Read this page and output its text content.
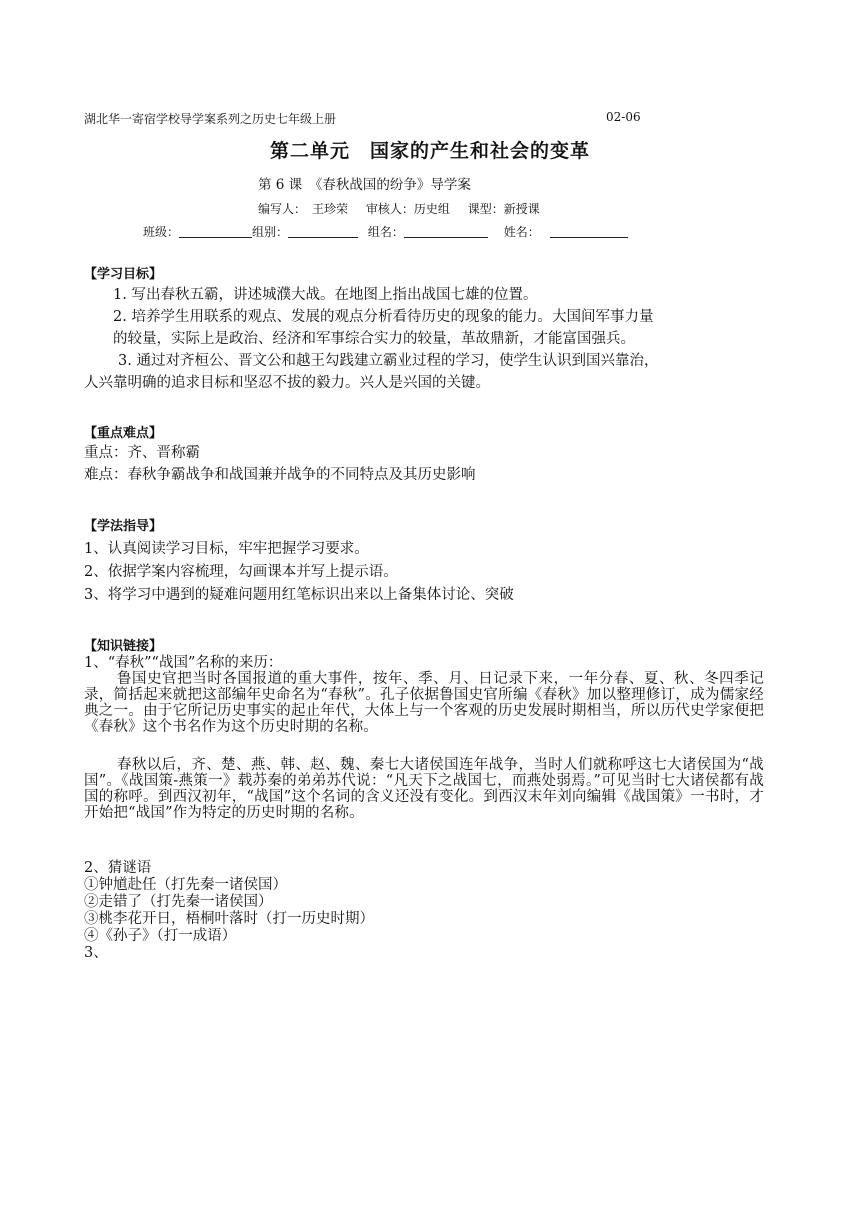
湖北华一寄宿学校导学案系列之历史七年级上册	02-06
第二单元　国家的产生和社会的变革
第 6 课　《春秋战国的纷争》导学案
编写人：　王珍荣 审核人：历史组 课型：新授课
班级：	组别：	组名：	姓名：
【学习目标】
1. 写出春秋五霸，讲述城濮大战。在地图上指出战国七雄的位置。
2. 培养学生用联系的观点、发展的观点分析看待历史的现象的能力。大国间军事力量
的较量，实际上是政治、经济和军事综合实力的较量，革故鼎新，才能富国强兵。
3. 通过对齐桓公、晋文公和越王勾践建立霸业过程的学习，使学生认识到国兴靠治，
人兴靠明确的追求目标和坚忍不拔的毅力。兴人是兴国的关键。
【重点难点】
重点：齐、晋称霸
难点：春秋争霸战争和战国兼并战争的不同特点及其历史影响
【学法指导】
1、认真阅读学习目标，牢牢把握学习要求。
2、依据学案内容梳理，勾画课本并写上提示语。
3、将学习中遇到的疑难问题用红笔标识出来以上备集体讨论、突破
【知识链接】
1、“春秋”“战国”名称的来历：
鲁国史官把当时各国报道的重大事件，按年、季、月、日记录下来，一年分春、夏、秋、冬四季记录，简括起来就把这部编年史命名为“春秋”。孔子依据鲁国史官所编《春秋》加以整理修订，成为儒家经典之一。由于它所记历史事实的起止年代，大体上与一个客观的历史发展时期相当，所以历代史学家便把《春秋》这个书名作为这个历史时期的名称。
春秋以后，齐、楚、燕、韩、赵、魏、秦七大诸侯国连年战争，当时人们就称呼这七大诸侯国为“战国”。《战国策-燕策一》载苏秦的弟弟苏代说：“凡天下之战国七，而燕处弱焉。”可见当时七大诸侯都有战国的称呼。到西汉初年，“战国”这个名词的含义还没有变化。到西汉末年刘向编辑《战国策》一书时，才开始把“战国”作为特定的历史时期的名称。
2、猜谜语
①钟馗赴任（打先秦一诸侯国）
②走错了（打先秦一诸侯国）
③桃李花开日，梧桐叶落时（打一历史时期）
④《孙子》（打一成语）
3、
